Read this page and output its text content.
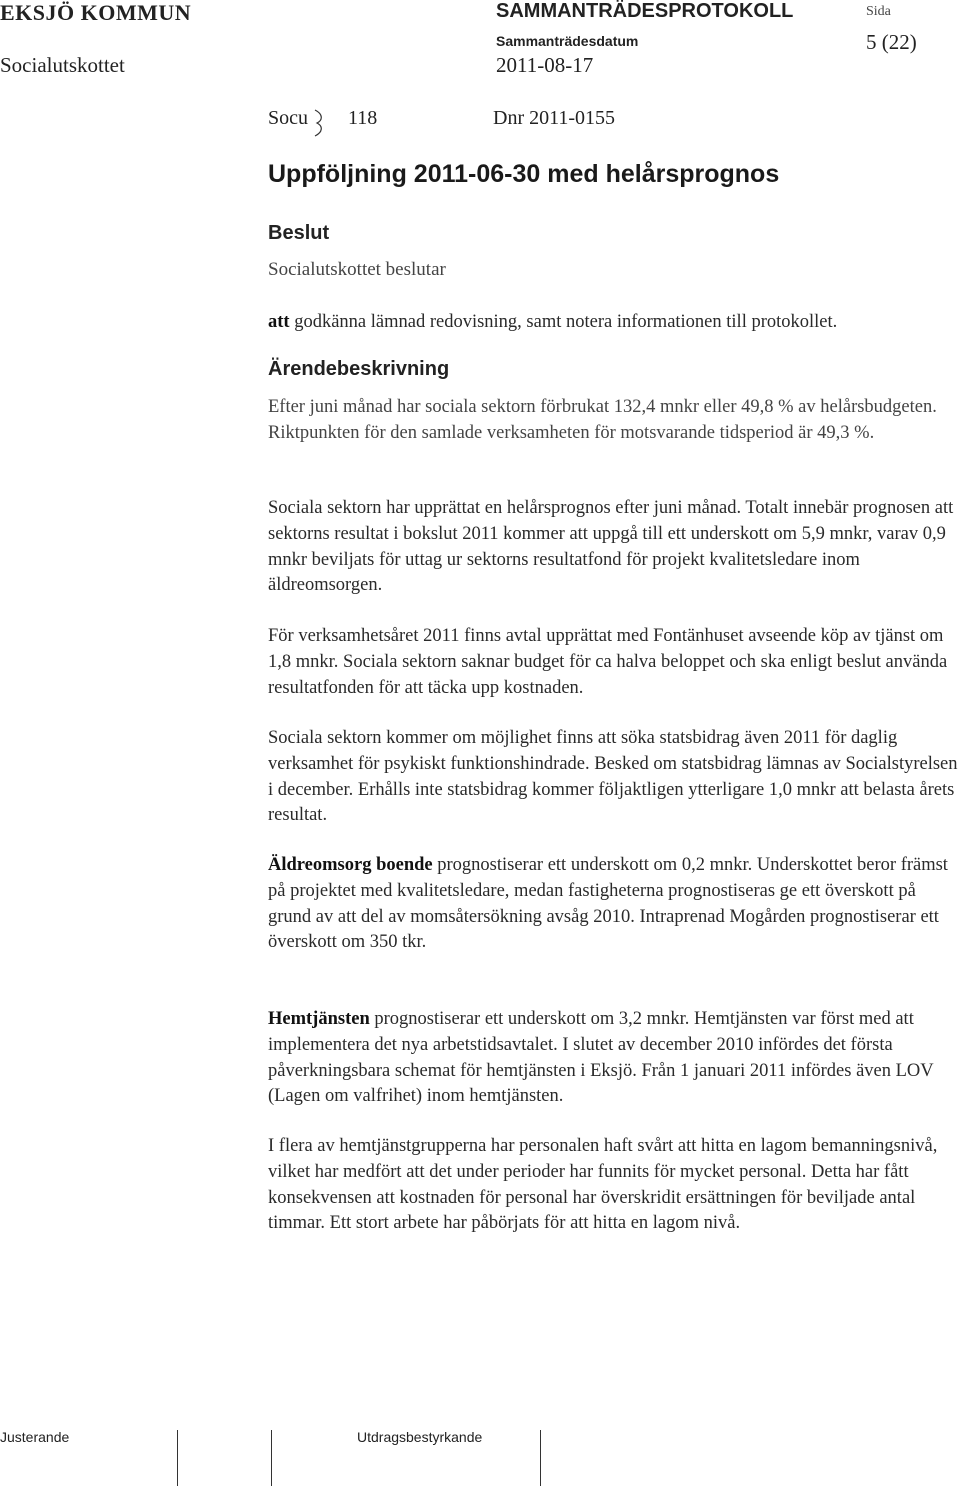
EKSJÖ KOMMUN	SAMMANTRÄDESPROTOKOLL	Sida
Socialutskottet
Sammanträdesdatum
2011-08-17
5 (22)
Socu 118	Dnr 2011-0155
Uppföljning 2011-06-30 med helårsprognos
Beslut
Socialutskottet beslutar

att godkänna lämnad redovisning, samt notera informationen till protokollet.

Ärendebeskrivning

Efter juni månad har sociala sektorn förbrukat 132,4 mnkr eller 49,8 % av helårsbudgeten. Riktpunkten för den samlade verksamheten för motsvarande tidsperiod är 49,3 %.

Sociala sektorn har upprättat en helårsprognos efter juni månad. Totalt innebär prognosen att sektorns resultat i bokslut 2011 kommer att uppgå till ett underskott om 5,9 mnkr, varav 0,9 mnkr beviljats för uttag ur sektorns resultatfond för projekt kvalitetsledare inom äldreomsorgen.

För verksamhetsåret 2011 finns avtal upprättat med Fontänhuset avseende köp av tjänst om 1,8 mnkr. Sociala sektorn saknar budget för ca halva beloppet och ska enligt beslut använda resultatfonden för att täcka upp kostnaden.

Sociala sektorn kommer om möjlighet finns att söka statsbidrag även 2011 för daglig verksamhet för psykiskt funktionshindrade. Besked om statsbidrag lämnas av Socialstyrelsen i december. Erhålls inte statsbidrag kommer följaktligen ytterligare 1,0 mnkr att belasta årets resultat.

Äldreomsorg boende prognostiserar ett underskott om 0,2 mnkr. Underskottet beror främst på projektet med kvalitetsledare, medan fastigheterna prognostiseras ge ett överskott på grund av att del av momsåtersökning avsåg 2010. Intraprenad Mogården prognostiserar ett överskott om 350 tkr.

Hemtjänsten prognostiserar ett underskott om 3,2 mnkr. Hemtjänsten var först med att implementera det nya arbetstidsavtalet. I slutet av december 2010 infördes det första påverkningsbara schemat för hemtjänsten i Eksjö. Från 1 januari 2011 infördes även LOV (Lagen om valfrihet) inom hemtjänsten.

I flera av hemtjänstgrupperna har personalen haft svårt att hitta en lagom bemanningsnivå, vilket har medfört att det under perioder har funnits för mycket personal. Detta har fått konsekvensen att kostnaden för personal har överskridit ersättningen för beviljade antal timmar. Ett stort arbete har påbörjats för att hitta en lagom nivå.

Justerande	Utdragsbestyrkande
